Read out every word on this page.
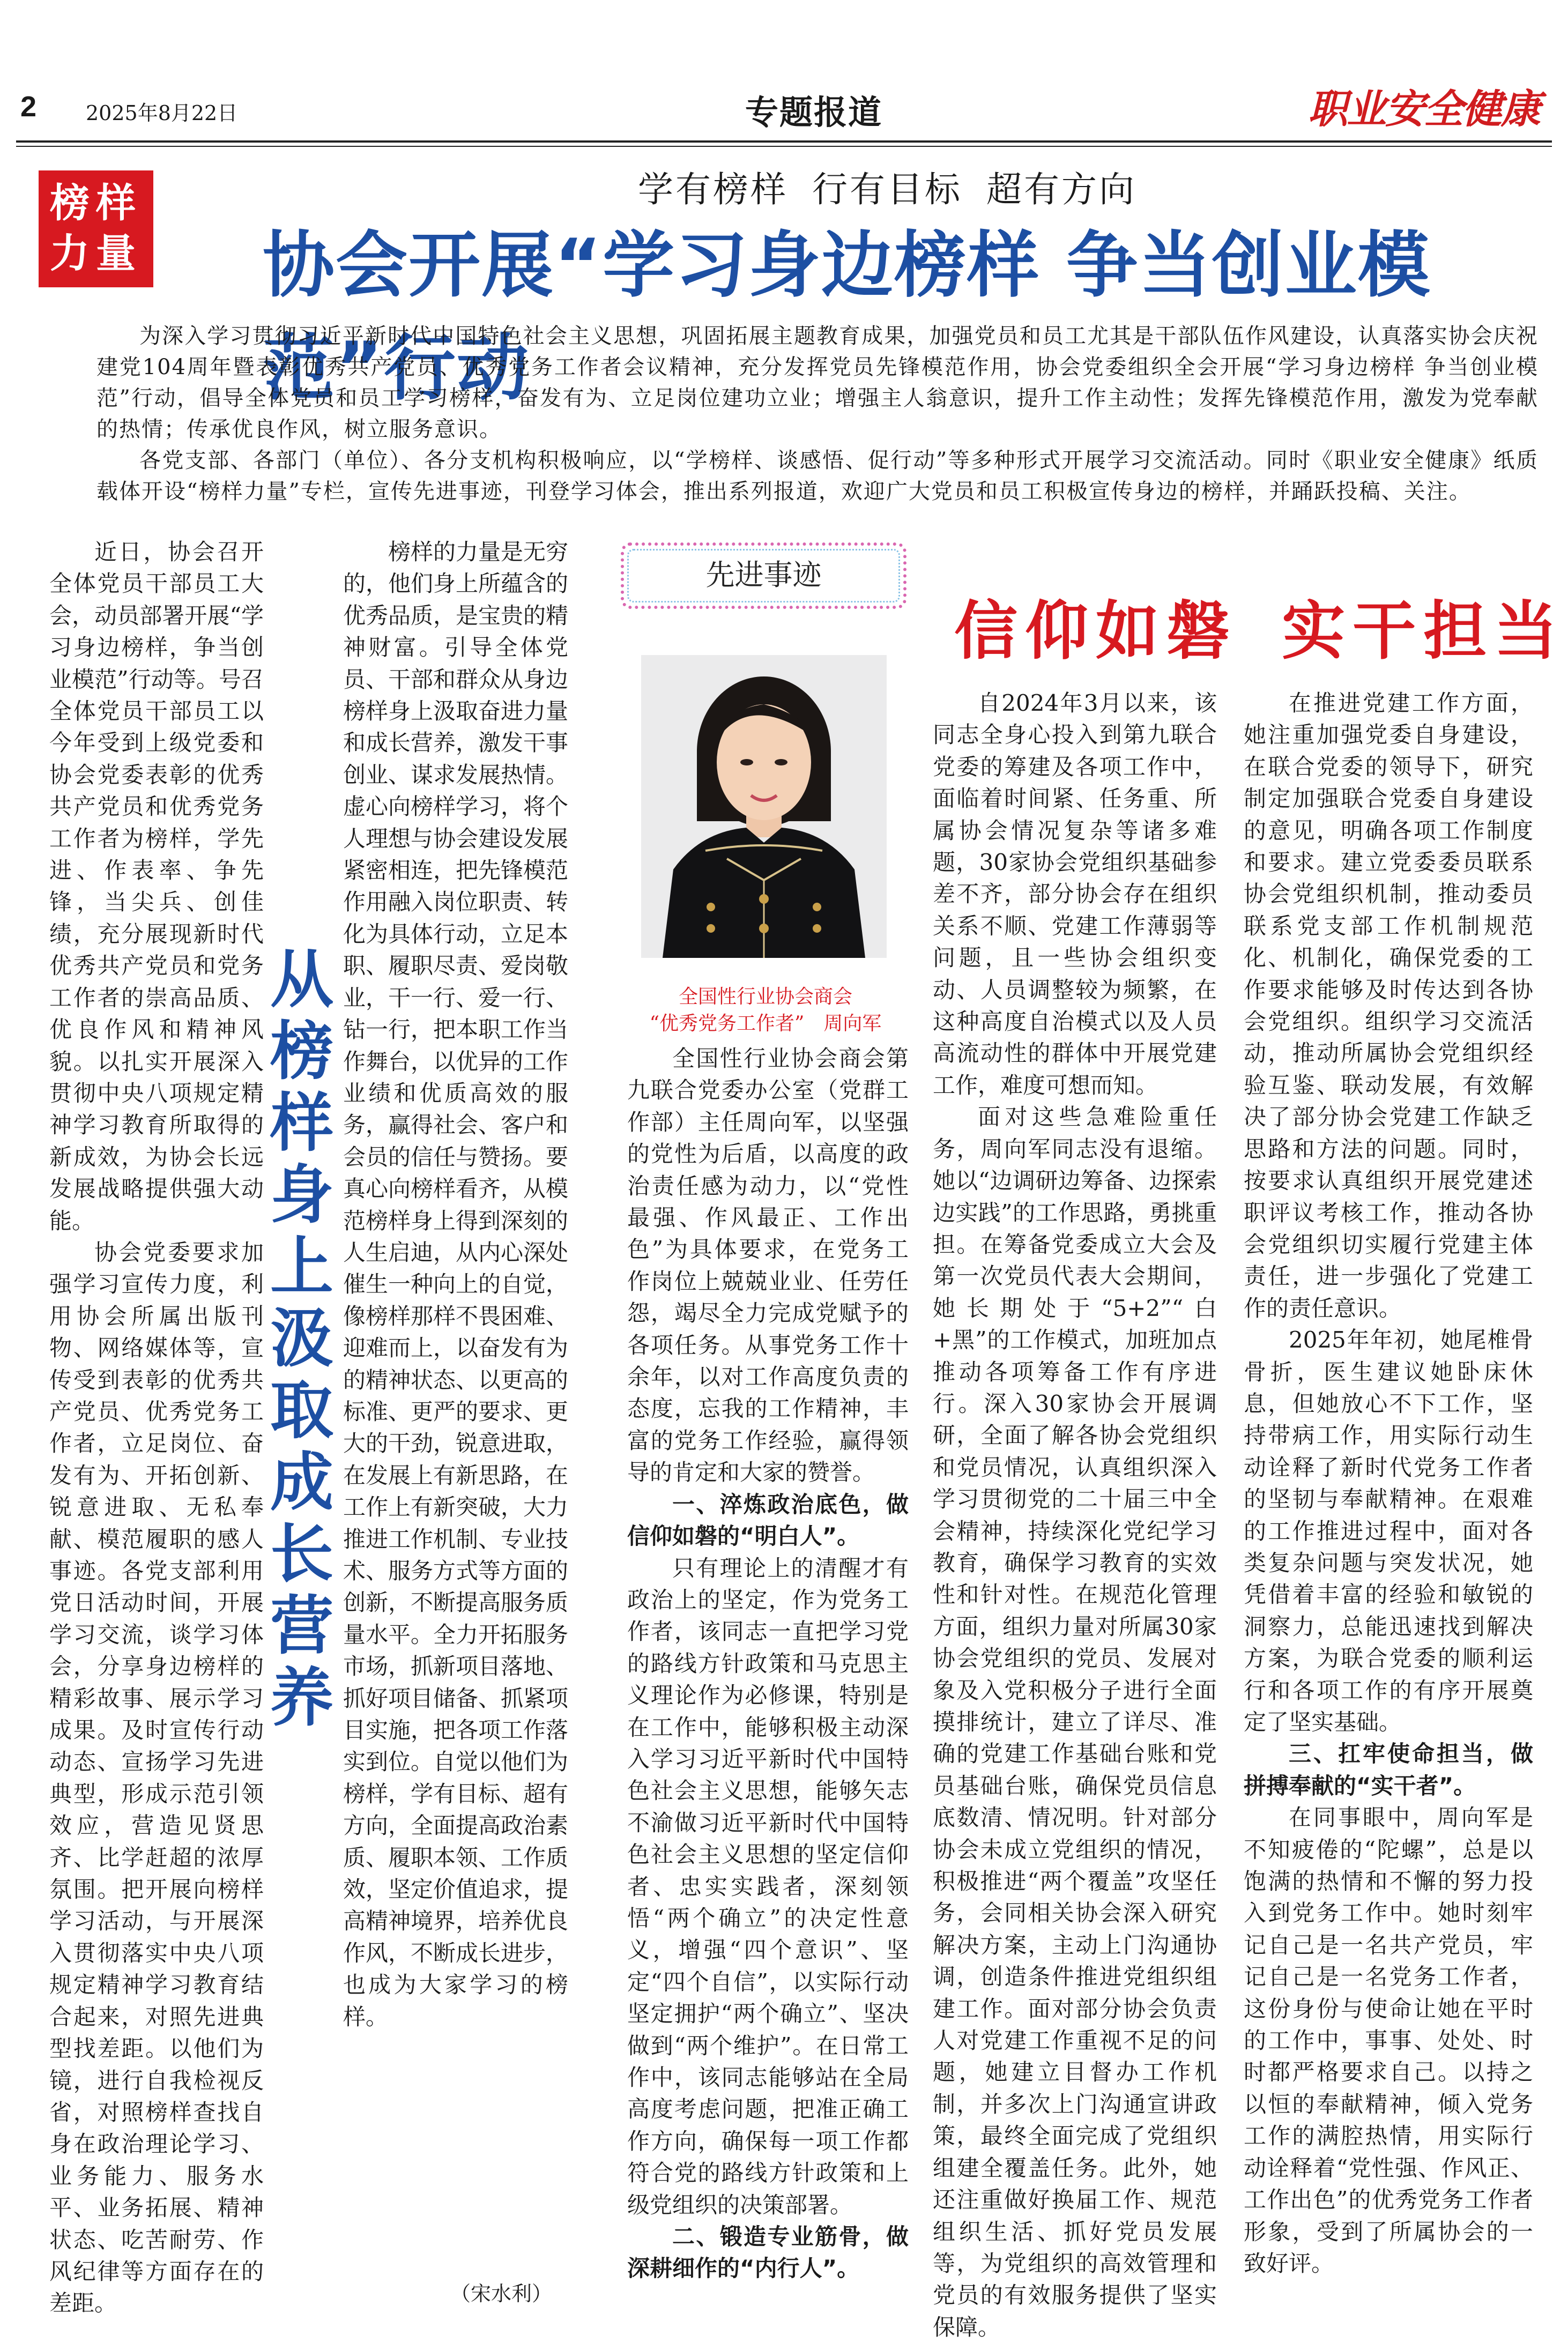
2 2025年8月22日	专题报道	职业安全健康
榜样
力量
学有榜样 行有目标 超有方向
协会开展“学习身边榜样 争当创业模范”行动

为深入学习贯彻习近平新时代中国特色社会主义思想，巩固拓展主题教育成果，加强党员和员工尤其是干部队伍作风建设，认真落实协会庆祝建党104周年暨表彰优秀共产党员、优秀党务工作者会议精神，充分发挥党员先锋模范作用，协会党委组织全会开展“学习身边榜样 争当创业模范”行动，倡导全体党员和员工学习榜样，奋发有为、立足岗位建功立业；增强主人翁意识，提升工作主动性；发挥先锋模范作用，激发为党奉献的热情；传承优良作风，树立服务意识。

各党支部、各部门（单位）、各分支机构积极响应，以“学榜样、谈感悟、促行动”等多种形式开展学习交流活动。同时《职业安全健康》纸质载体开设“榜样力量”专栏，宣传先进事迹，刊登学习体会，推出系列报道，欢迎广大党员和员工积极宣传身边的榜样，并踊跃投稿、关注。

近日，协会召开全体党员干部员工大会，动员部署开展“学习身边榜样，争当创业模范”行动等。号召全体党员干部员工以今年受到上级党委和协会党委表彰的优秀共产党员和优秀党务工作者为榜样，学先进、作表率、争先锋，当尖兵、创佳绩，充分展现新时代优秀共产党员和党务工作者的崇高品质、优良作风和精神风貌。以扎实开展深入贯彻中央八项规定精神学习教育所取得的新成效，为协会长远发展战略提供强大动能。

协会党委要求加强学习宣传力度，利用协会所属出版刊物、网络媒体等，宣传受到表彰的优秀共产党员、优秀党务工作者，立足岗位、奋发有为、开拓创新、锐意进取、无私奉献、模范履职的感人事迹。各党支部利用党日活动时间，开展学习交流，谈学习体会，分享身边榜样的精彩故事、展示学习成果。及时宣传行动动态、宣扬学习先进典型，形成示范引领效应，营造见贤思齐、比学赶超的浓厚氛围。把开展向榜样学习活动，与开展深入贯彻落实中央八项规定精神学习教育结合起来，对照先进典型找差距。以他们为镜，进行自我检视反省，对照榜样查找自身在政治理论学习、业务能力、服务水平、业务拓展、精神状态、吃苦耐劳、作风纪律等方面存在的差距。

从
榜
样
身
上
汲
取
成
长
营
养

榜样的力量是无穷的，他们身上所蕴含的优秀品质，是宝贵的精神财富。引导全体党员、干部和群众从身边榜样身上汲取奋进力量和成长营养，激发干事创业、谋求发展热情。虚心向榜样学习，将个人理想与协会建设发展紧密相连，把先锋模范作用融入岗位职责、转化为具体行动，立足本职、履职尽责、爱岗敬业，干一行、爱一行、钻一行，把本职工作当作舞台，以优异的工作业绩和优质高效的服务，赢得社会、客户和会员的信任与赞扬。要真心向榜样看齐，从模范榜样身上得到深刻的人生启迪，从内心深处催生一种向上的自觉，像榜样那样不畏困难、迎难而上，以奋发有为的精神状态、以更高的标准、更严的要求、更大的干劲，锐意进取，在发展上有新思路，在工作上有新突破，大力推进工作机制、专业技术、服务方式等方面的创新，不断提高服务质量水平。全力开拓服务市场，抓新项目落地、抓好项目储备、抓紧项目实施，把各项工作落实到位。自觉以他们为榜样，学有目标、超有方向，全面提高政治素质、履职本领、工作质效，坚定价值追求，提高精神境界，培养优良作风，不断成长进步，也成为大家学习的榜样。

（宋水利）
先进事迹
信仰如磐 实干担当
全国性行业协会商会
“优秀党务工作者”　周向军

全国性行业协会商会第九联合党委办公室（党群工作部）主任周向军，以坚强的党性为后盾，以高度的政治责任感为动力，以“党性最强、作风最正、工作出色”为具体要求，在党务工作岗位上兢兢业业、任劳任怨，竭尽全力完成党赋予的各项任务。从事党务工作十余年，以对工作高度负责的态度，忘我的工作精神，丰富的党务工作经验，赢得领导的肯定和大家的赞誉。

一、淬炼政治底色，做信仰如磐的“明白人”。

只有理论上的清醒才有政治上的坚定，作为党务工作者，该同志一直把学习党的路线方针政策和马克思主义理论作为必修课，特别是在工作中，能够积极主动深入学习习近平新时代中国特色社会主义思想，能够矢志不渝做习近平新时代中国特色社会主义思想的坚定信仰者、忠实实践者，深刻领悟“两个确立”的决定性意义，增强“四个意识”、坚定“四个自信”，以实际行动坚定拥护“两个确立”、坚决做到“两个维护”。在日常工作中，该同志能够站在全局高度考虑问题，把准正确工作方向，确保每一项工作都符合党的路线方针政策和上级党组织的决策部署。

二、锻造专业筋骨，做深耕细作的“内行人”。

自2024年3月以来，该同志全身心投入到第九联合党委的筹建及各项工作中，面临着时间紧、任务重、所属协会情况复杂等诸多难题，30家协会党组织基础参差不齐，部分协会存在组织关系不顺、党建工作薄弱等问题，且一些协会组织变动、人员调整较为频繁，在这种高度自治模式以及人员高流动性的群体中开展党建工作，难度可想而知。

面对这些急难险重任务，周向军同志没有退缩。她以“边调研边筹备、边探索边实践”的工作思路，勇挑重担。在筹备党委成立大会及第一次党员代表大会期间，她长期处于“5+2”“白+黑”的工作模式，加班加点推动各项筹备工作有序进行。深入30家协会开展调研，全面了解各协会党组织和党员情况，认真组织深入学习贯彻党的二十届三中全会精神，持续深化党纪学习教育，确保学习教育的实效性和针对性。在规范化管理方面，组织力量对所属30家协会党组织的党员、发展对象及入党积极分子进行全面摸排统计，建立了详尽、准确的党建工作基础台账和党员基础台账，确保党员信息底数清、情况明。针对部分协会未成立党组织的情况，积极推进“两个覆盖”攻坚任务，会同相关协会深入研究解决方案，主动上门沟通协调，创造条件推进党组织组建工作。面对部分协会负责人对党建工作重视不足的问题，她建立目督办工作机制，并多次上门沟通宣讲政策，最终全面完成了党组织组建全覆盖任务。此外，她还注重做好换届工作、规范组织生活、抓好党员发展等，为党组织的高效管理和党员的有效服务提供了坚实保障。

在推进党建工作方面，她注重加强党委自身建设，在联合党委的领导下，研究制定加强联合党委自身建设的意见，明确各项工作制度和要求。建立党委委员联系协会党组织机制，推动委员联系党支部工作机制规范化、机制化，确保党委的工作要求能够及时传达到各协会党组织。组织学习交流活动，推动所属协会党组织经验互鉴、联动发展，有效解决了部分协会党建工作缺乏思路和方法的问题。同时，按要求认真组织开展党建述职评议考核工作，推动各协会党组织切实履行党建主体责任，进一步强化了党建工作的责任意识。

2025年年初，她尾椎骨骨折，医生建议她卧床休息，但她放心不下工作，坚持带病工作，用实际行动生动诠释了新时代党务工作者的坚韧与奉献精神。在艰难的工作推进过程中，面对各类复杂问题与突发状况，她凭借着丰富的经验和敏锐的洞察力，总能迅速找到解决方案，为联合党委的顺利运行和各项工作的有序开展奠定了坚实基础。

三、扛牢使命担当，做拼搏奉献的“实干者”。

在同事眼中，周向军是不知疲倦的“陀螺”，总是以饱满的热情和不懈的努力投入到党务工作中。她时刻牢记自己是一名共产党员，牢记自己是一名党务工作者，这份身份与使命让她在平时的工作中，事事、处处、时时都严格要求自己。以持之以恒的奉献精神，倾入党务工作的满腔热情，用实际行动诠释着“党性强、作风正、工作出色”的优秀党务工作者形象，受到了所属协会的一致好评。
